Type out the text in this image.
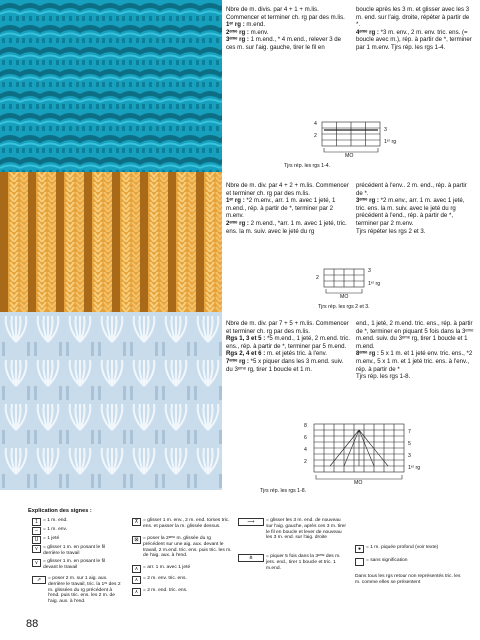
Nbre de m. divis. par 4 + 1 + m.lis. Commencer et terminer ch. rg par des m.lis.

1ᵉʳ rg : m.end.

2ᵉᵐᵉ rg : m.env.

3ᵉᵐᵉ rg : 1 m.end., * 4 m.end., relever 3 de ces m. sur l'aig. gauche, tirer le fil en

boucle après les 3 m. et glisser avec les 3 m. end. sur l'aig. droite, répéter à partir de *.

4ᵉᵐᵉ rg : *3 m. env., 2 m. env. tric. ens. (= boucle avec m.), rép. à partir de *, terminer par 1 m.env. Tjrs rép. les rgs 1-4.

4
2
3
1ᵉʳ rg
MO
Tjrs rép. les rgs 1-4.

Nbre de m. div. par 4 + 2 + m.lis. Commencer et terminer ch. rg par des m.lis.

1ᵉʳ rg : *2 m.env., arr. 1 m. avec 1 jeté, 1 m.end., rép. à partir de *, terminer par 2 m.env.

2ᵉᵐᵉ rg : 2 m.end., *arr. 1 m. avec 1 jeté, tric. ens. la m. suiv. avec le jeté du rg

précédent à l'env.. 2 m. end., rép. à partir de *.

3ᵉᵐᵉ rg : *2 m.env., arr. 1 m. avec 1 jeté, tric. ens. la m. suiv. avec le jeté du rg précédent à l'end., rép. à partir de *, terminer par 2 m.env.

Tjrs répéter les rgs 2 et 3.

2
3
1ᵉʳ rg
MO
Tjrs rép. les rgs 2 et 3.

Nbre de m. div. par 7 + 5 + m.lis. Commencer et terminer ch. rg par des m.lis.

Rgs 1, 3 et 5 : *5 m.end., 1 jeté, 2 m.end. tric. ens., rép. à partir de *, terminer par 5 m.end.

Rgs 2, 4 et 6 : m. et jetés tric. à l'env.

7ᵉᵐᵉ rg : *5 x piquer dans les 3 m.end. suiv. du 3ᵉᵐᵉ rg, tirer 1 boucle et 1 m.

end., 1 jeté, 2 m.end. tric. ens., rép. à partir de *, terminer en piquant 5 fois dans la 3ᵉᵐᵉ m.end. suiv. du 3ᵉᵐᵉ rg, tirer 1 boucle et 1 m.end.

8ᵉᵐᵉ rg : 5 x 1 m. et 1 jeté env. tric. ens., *2 m.env., 5 x 1 m. et 1 jeté tric. ens. à l'env., rép. à partir de *

Tjrs rép. les rgs 1-8.

8
6
4
2
7
5
3
1ᵉʳ rg
MO
Tjrs rép. les rgs 1-8.
Explication des signes :
1	= 1 m. end.
–	= 1 m. env.
U = 1 jeté
⋎ = glisser 1 m. en posant le fil derrière le travail
⋎ = glisser 1 m. en posant le fil devant le travail
⇗	= poser 2 m. sur 1 aig. aux. derrière le travail, tric. la 1ʳᵉ des 2 m. glissées du rg précédent à l'end. puis tric. ens. les 2 m. de l'aig. aux. à l'end.
⊼ = glisser 1 m. env., 2 m. end. torses tric. ens. et passer la m. glissée dessus.
⊠ = poser la 2ᵉᵐᵉ m. glissée du rg précédent sur une aig. aux. devant le travail, 2 m.end. tric. ens. puis tric. les m. de l'aig. aux. à l'end.
∧ = arr. 1 m. avec 1 jeté
⋏ = 2 m. env. tric. ens.
⋏ = 2 m. end. tric. ens.
⟿	= glisser les 3 m. end. de nouveau sur l'aig. gauche, après ces 3 m. tirer le fil en boucle et lever de nouveau les 3 m. end. sur l'aig. droite
⋔	= piquer 5 fois dans la 3ᵉᵐᵉ des m. jers. end., tirer 1 boucle et tric. 1 m.end.
●	= 1 m. piquée profond (voir texte)
= sans signification
Dans tous les rgs retour non représentés tric. les m. comme elles se présentent
88
